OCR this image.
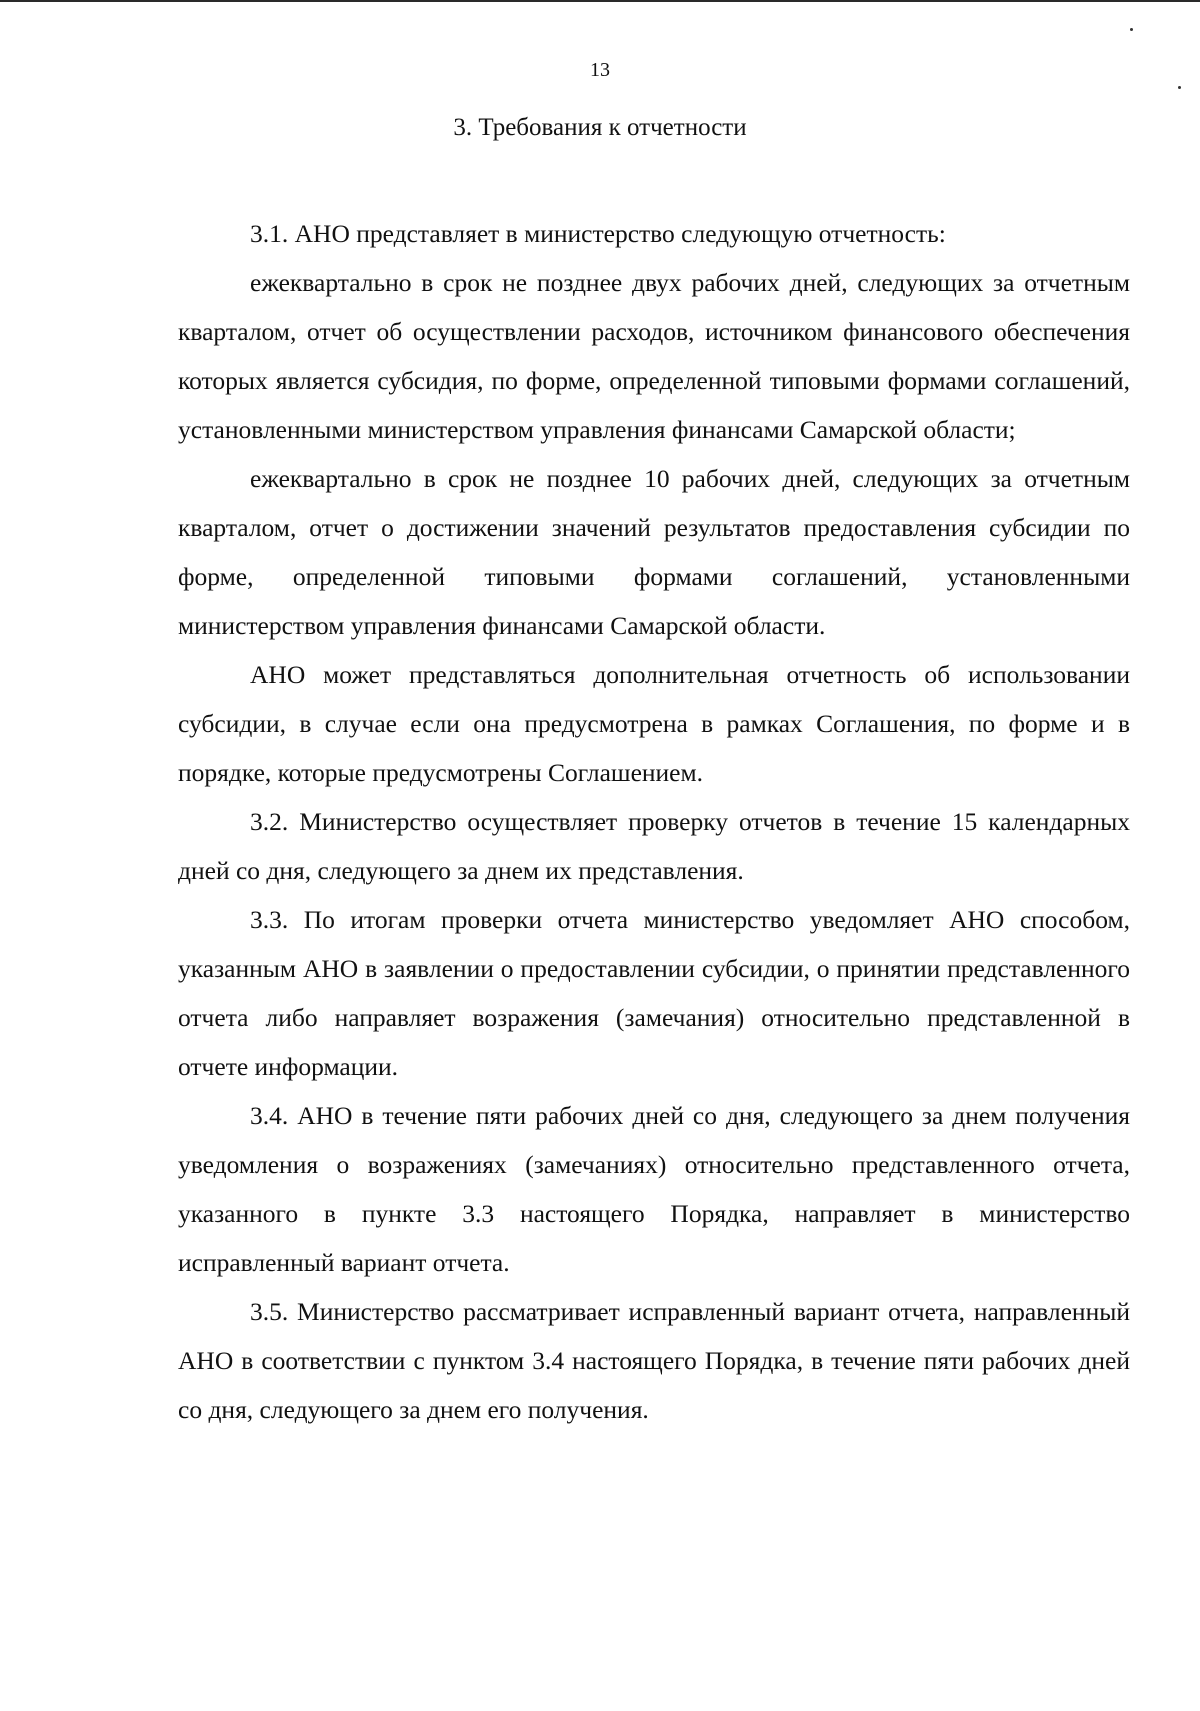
13
3. Требования к отчетности

3.1. АНО представляет в министерство следующую отчетность:

ежеквартально в срок не позднее двух рабочих дней, следующих за отчетным кварталом, отчет об осуществлении расходов, источником финансового обеспечения которых является субсидия, по форме, определенной типовыми формами соглашений, установленными министерством управления финансами Самарской области;

ежеквартально в срок не позднее 10 рабочих дней, следующих за отчетным кварталом, отчет о достижении значений результатов предоставления субсидии по форме, определенной типовыми формами соглашений, установленными министерством управления финансами Самарской области.

АНО может представляться дополнительная отчетность об использовании субсидии, в случае если она предусмотрена в рамках Соглашения, по форме и в порядке, которые предусмотрены Соглашением.

3.2. Министерство осуществляет проверку отчетов в течение 15 календарных дней со дня, следующего за днем их представления.

3.3. По итогам проверки отчета министерство уведомляет АНО способом, указанным АНО в заявлении о предоставлении субсидии, о принятии представленного отчета либо направляет возражения (замечания) относительно представленной в отчете информации.

3.4. АНО в течение пяти рабочих дней со дня, следующего за днем получения уведомления о возражениях (замечаниях) относительно представленного отчета, указанного в пункте 3.3 настоящего Порядка, направляет в министерство исправленный вариант отчета.

3.5. Министерство рассматривает исправленный вариант отчета, направленный АНО в соответствии с пунктом 3.4 настоящего Порядка, в течение пяти рабочих дней со дня, следующего за днем его получения.
